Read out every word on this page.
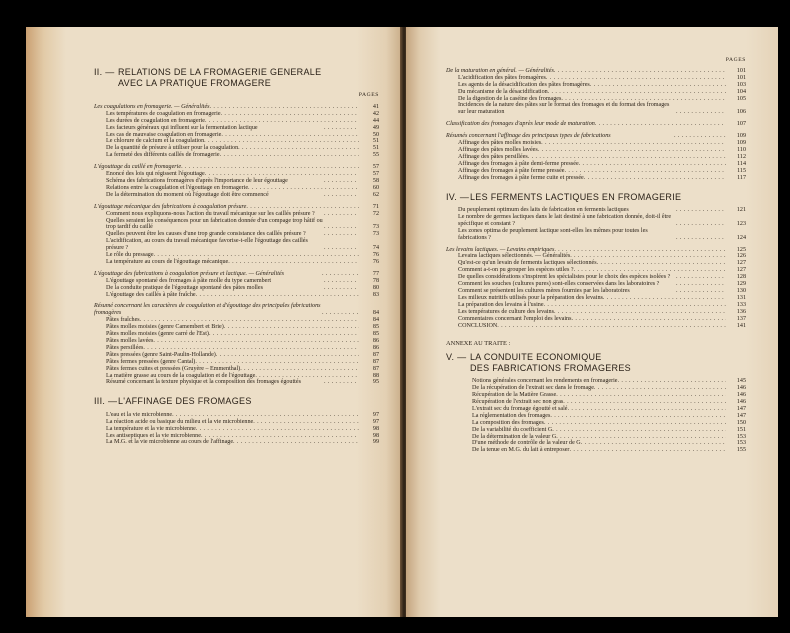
II. — RELATIONS DE LA FROMAGERIE GENERALE
AVEC LA PRATIQUE FROMAGERE
PAGES
Les coagulations en fromagerie. — Généralités . . .	41
Les températures de coagulation en fromagerie . . .	42
Les durées de coagulation en fromagerie . . .	44
Les facteurs généraux qui influent sur la fermentation lactique . . .	49
Les cas de mauvaise coagulation en fromagerie . . .	50
Le chlorure de calcium et la coagulation . . .	51
De la quantité de présure à utiliser pour la coagulation . . .	51
La fermeté des différents caillés de fromagerie . . .	55
L'égouttage du caillé en fromagerie . . .	57
Enoncé des lois qui régissent l'égouttage . . .	57
Schéma des fabrications fromagères d'après l'importance de leur égouttage . . .	58
Relations entre la coagulation et l'égouttage en fromagerie . . .	60
De la détermination du moment où l'égouttage doit être commencé . . .	62
L'égouttage mécanique des fabrications à coagulation présure . . .	71
Comment nous expliquons-nous l'action du travail mécanique sur les caillés présure ? . . .	72
Quelles seraient les conséquences pour un fabrication donnée d'un compage trop hâtif ou trop tardif du caillé . . .	73
Quelles peuvent être les causes d'une trop grande consistance des caillés présure ? . . .	73
L'acidification, au cours du travail mécanique favorise-t-elle l'égouttage des caillés présure ? . . .	74
Le rôle du pressage . . .	76
La température au cours de l'égouttage mécanique . . .	76
L'égouttage des fabrications à coagulation présure et lactique. — Généralités . . .	77
L'égouttage spontané des fromages à pâte molle du type camembert . . .	78
De la conduite pratique de l'égouttage spontané des pâtes molles . . .	80
L'égouttage des caillés à pâte fraîche . . .	83
Résumé concernant les caractères de coagulation et d'égouttage des principales fabrications fromagères . . .	84
Pâtes fraîches . . .	84
Pâtes molles moisies (genre Camembert et Brie) . . .	85
Pâtes molles moisies (genre carré de l'Est) . . .	85
Pâtes molles lavées . . .	86
Pâtes persillées . . .	86
Pâtes pressées (genre Saint-Paulin-Hollande) . . .	87
Pâtes fermes pressées (genre Cantal) . . .	87
Pâtes fermes cuites et pressées (Gruyère – Emmenthal) . . .	87
La matière grasse au cours de la coagulation et de l'égouttage . . .	88
Résumé concernant la texture physique et la composition des fromages égouttés . . .	95
III. — L'AFFINAGE DES FROMAGES
L'eau et la vie microbienne . . .	97
La réaction acide ou basique du milieu et la vie microbienne . . .	97
La température et la vie microbienne . . .	98
Les antiseptiques et la vie microbienne . . .	98
La M.G. et la vie microbienne au cours de l'affinage . . .	99
PAGES
De la maturation en général. — Généralités . . .	101
L'acidification des pâtes fromagères . . .	101
Les agents de la désacidification des pâtes fromagères . . .	103
Du mécanisme de la désacidification . . .	104
De la digestion de la caséine des fromages . . .	105
Incidences de la nature des pâtes sur le format des fromages et du format des fromages sur leur maturation . . .	106
Classification des fromages d'après leur mode de maturation . . .	107
Résumés concernant l'affinage des principaux types de fabrications . . .	109
Affinage des pâtes molles moisies . . .	109
Affinage des pâtes molles lavées . . .	110
Affinage des pâtes persillées . . .	112
Affinage des fromages à pâte demi-ferme pressée . . .	114
Affinage des fromages à pâte ferme pressée . . .	115
Affinage des fromages à pâte ferme cuite et pressée . . .	117
IV. — LES FERMENTS LACTIQUES EN FROMAGERIE
Du peuplement optimum des laits de fabrication en ferments lactiques . . .	121
Le nombre de germes lactiques dans le lait destiné à une fabrication donnée, doit-il être spécifique et constant ? . . .	123
Les zones optima de peuplement lactique sont-elles les mêmes pour toutes les fabrications ? . . .	124
Les levains lactiques. — Levains empiriques . . .	125
Levains lactiques sélectionnés. — Généralités . . .	126
Qu'est-ce qu'un levain de ferments lactiques sélectionnés . . .	127
Comment a-t-on pu grouper les espèces utiles ? . . .	127
De quelles considérations s'inspirent les spécialistes pour le choix des espèces isolées ? . . .	128
Comment les souches (cultures pures) sont-elles conservées dans les laboratoires ? . . .	129
Comment se présentent les cultures mères fournies par les laboratoires . . .	130
Les milieux nutritifs utilisés pour la préparation des levains . . .	131
La préparation des levains à l'usine . . .	133
Les températures de culture des levains . . .	136
Commentaires concernant l'emploi des levains . . .	137
CONCLUSION . . .	141
ANNEXE AU TRAITE :
V. — LA CONDUITE ECONOMIQUE
DES FABRICATIONS FROMAGERES
Notions générales concernant les rendements en fromagerie . . .	145
De la récupération de l'extrait sec dans le fromage . . .	146
Récupération de la Matière Grasse . . .	146
Récupération de l'extrait sec non gras . . .	146
L'extrait sec du fromage égoutté et salé . . .	147
La réglementation des fromages . . .	147
La composition des fromages . . .	150
De la variabilité du coefficient G . . .	151
De la détermination de la valeur G . . .	153
D'une méthode de contrôle de la valeur de G . . .	153
De la tenue en M.G. du lait à entreposer . . .	155
